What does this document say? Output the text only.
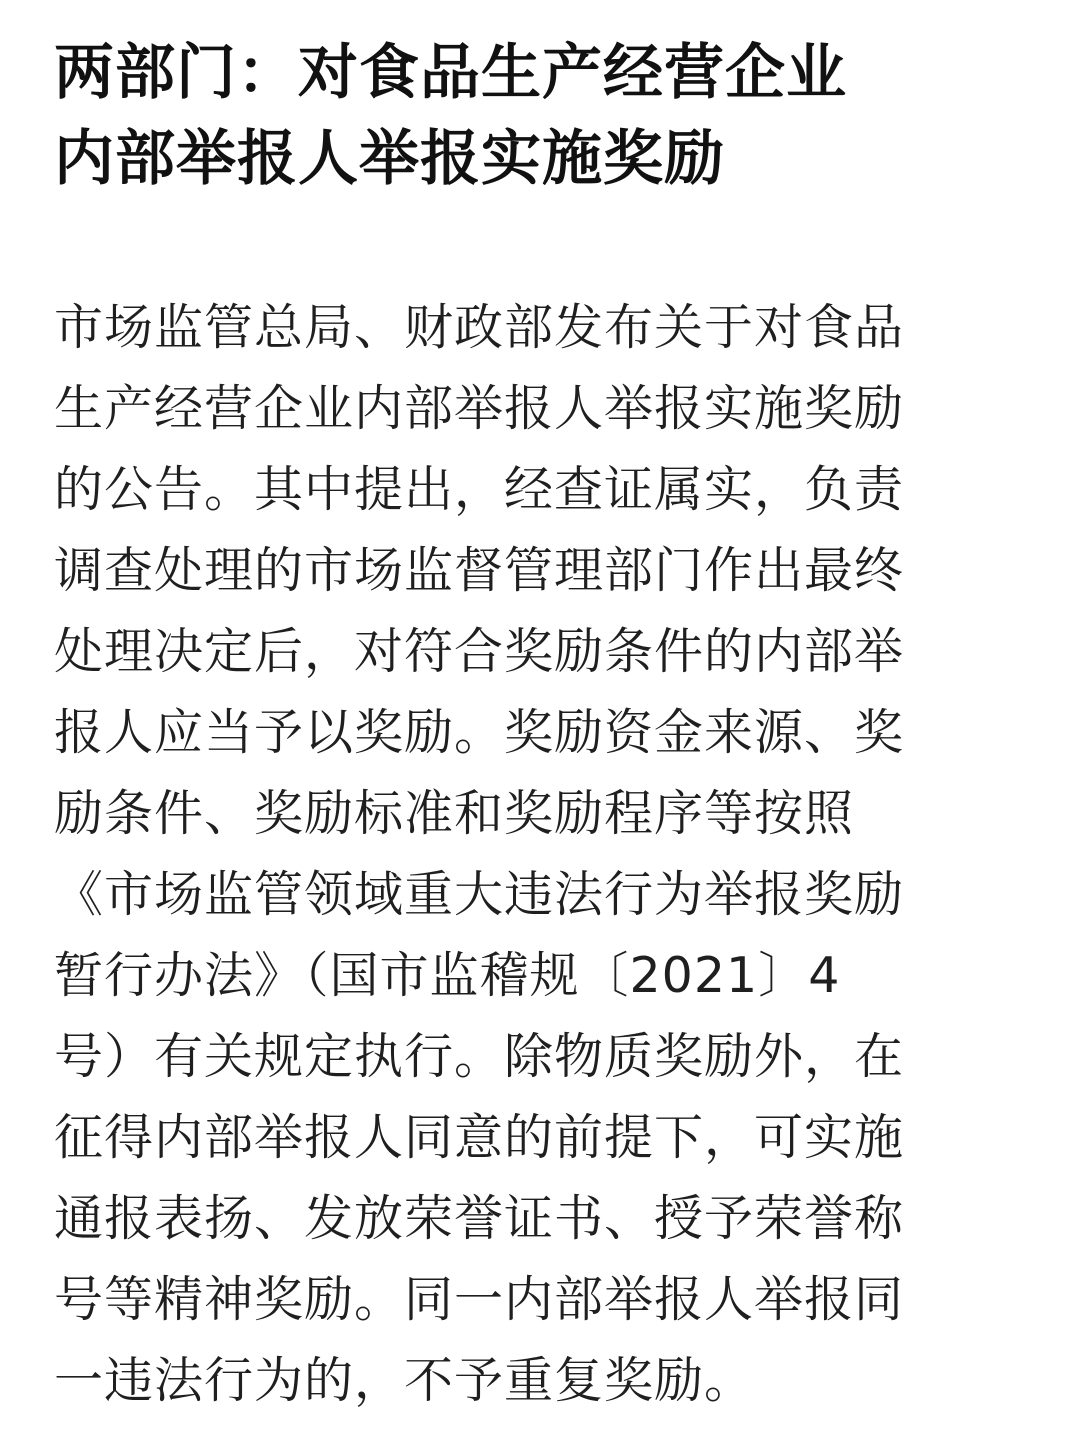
两部门：对食品生产经营企业
内部举报人举报实施奖励
市场监管总局、财政部发布关于对食品
生产经营企业内部举报人举报实施奖励
的公告。其中提出，经查证属实，负责
调查处理的市场监督管理部门作出最终
处理决定后，对符合奖励条件的内部举
报人应当予以奖励。奖励资金来源、奖
励条件、奖励标准和奖励程序等按照
《市场监管领域重大违法行为举报奖励
暂行办法》（国市监稽规〔2021〕4
号）有关规定执行。除物质奖励外，在
征得内部举报人同意的前提下，可实施
通报表扬、发放荣誉证书、授予荣誉称
号等精神奖励。同一内部举报人举报同
一违法行为的，不予重复奖励。
